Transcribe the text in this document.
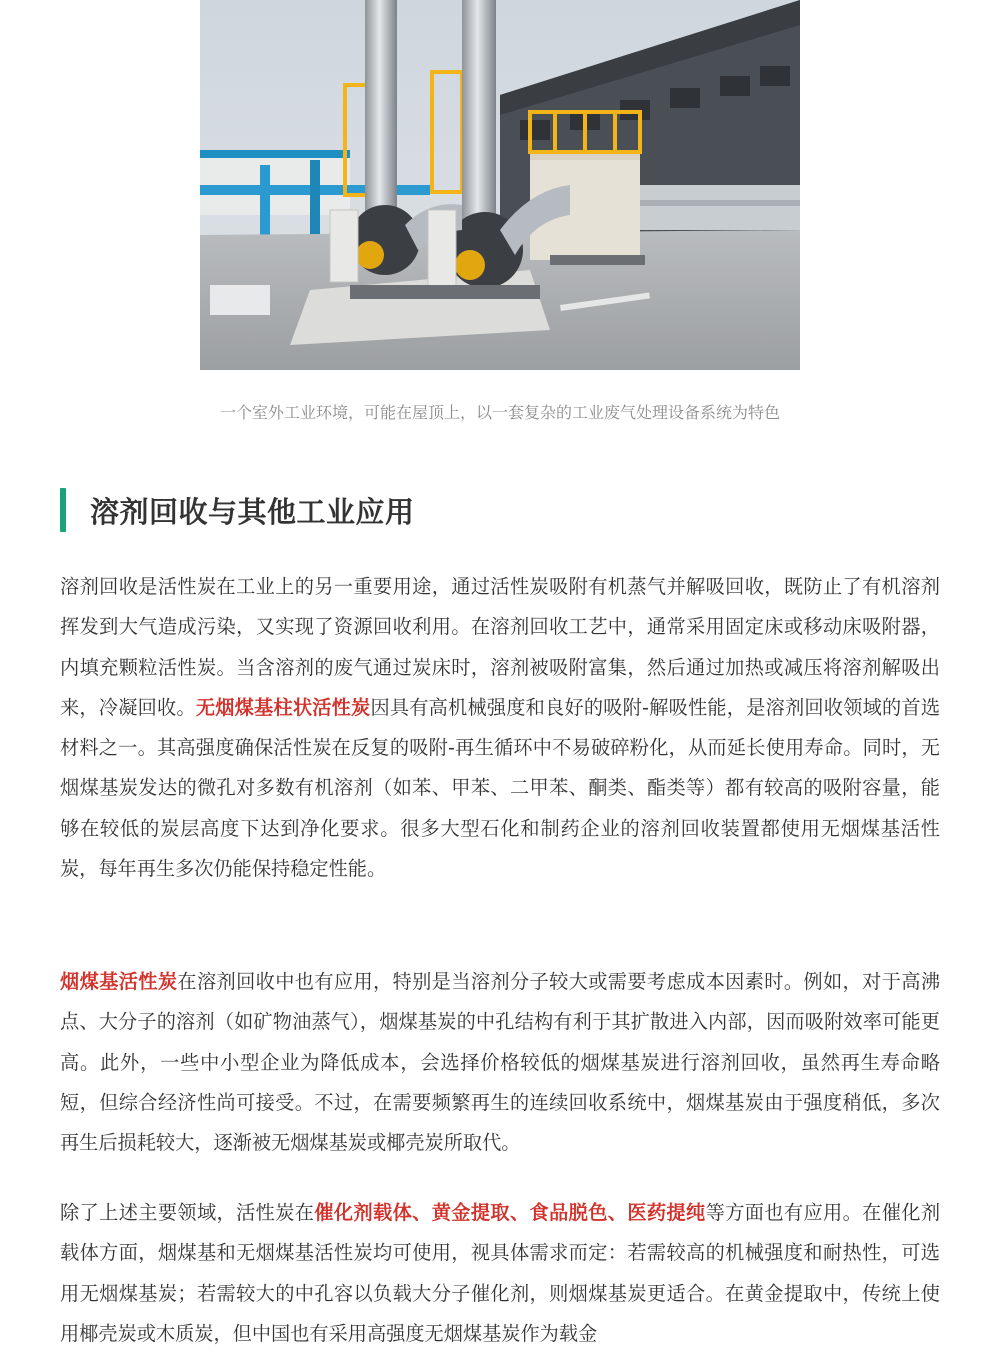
一个室外工业环境，可能在屋顶上，以一套复杂的工业废气处理设备系统为特色
溶剂回收与其他工业应用

溶剂回收是活性炭在工业上的另一重要用途，通过活性炭吸附有机蒸气并解吸回收，既防止了有机溶剂挥发到大气造成污染，又实现了资源回收利用。在溶剂回收工艺中，通常采用固定床或移动床吸附器，内填充颗粒活性炭。当含溶剂的废气通过炭床时，溶剂被吸附富集，然后通过加热或减压将溶剂解吸出来，冷凝回收。无烟煤基柱状活性炭因具有高机械强度和良好的吸附-解吸性能，是溶剂回收领域的首选材料之一。其高强度确保活性炭在反复的吸附-再生循环中不易破碎粉化，从而延长使用寿命。同时，无烟煤基炭发达的微孔对多数有机溶剂（如苯、甲苯、二甲苯、酮类、酯类等）都有较高的吸附容量，能够在较低的炭层高度下达到净化要求。很多大型石化和制药企业的溶剂回收装置都使用无烟煤基活性炭，每年再生多次仍能保持稳定性能。

烟煤基活性炭在溶剂回收中也有应用，特别是当溶剂分子较大或需要考虑成本因素时。例如，对于高沸点、大分子的溶剂（如矿物油蒸气），烟煤基炭的中孔结构有利于其扩散进入内部，因而吸附效率可能更高。此外，一些中小型企业为降低成本，会选择价格较低的烟煤基炭进行溶剂回收，虽然再生寿命略短，但综合经济性尚可接受。不过，在需要频繁再生的连续回收系统中，烟煤基炭由于强度稍低，多次再生后损耗较大，逐渐被无烟煤基炭或椰壳炭所取代。

除了上述主要领域，活性炭在催化剂载体、黄金提取、食品脱色、医药提纯等方面也有应用。在催化剂载体方面，烟煤基和无烟煤基活性炭均可使用，视具体需求而定：若需较高的机械强度和耐热性，可选用无烟煤基炭；若需较大的中孔容以负载大分子催化剂，则烟煤基炭更适合。在黄金提取中，传统上使用椰壳炭或木质炭，但中国也有采用高强度无烟煤基炭作为载金
